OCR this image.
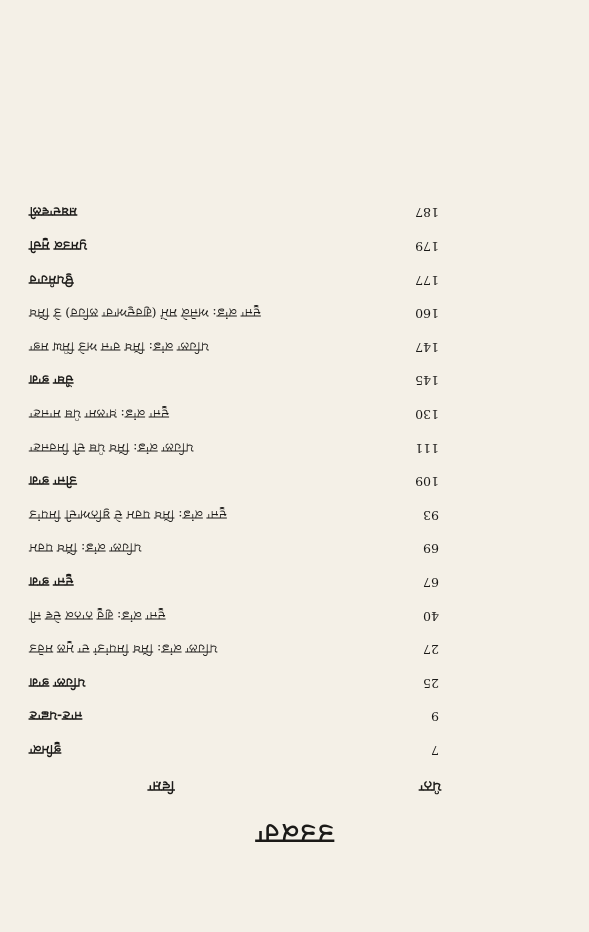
ਤਤਕਰਾ
ਪੰਨਾ
ਵਿਸ਼ਾ
7
ਭੂਮਿਕਾ
9
ਜਾਣ-ਪਛਾਣ
25
ਪਹਿਲਾ ਭਾਗ
27
ਪਹਿਲਾ ਕਾਂਡ: ਸਿੱਖ ਸਿਧਾਂਤਾਂ ਦਾ ਮੂਲ ਸਰੋਤ
40
ਦੂਜਾ ਕਾਂਡ: ਗੁਰੂ ਨਾਨਕ ਦੇਵ ਜੀ
67
ਦੂਜਾ ਭਾਗ
69
ਪਹਿਲਾ ਕਾਂਡ: ਸਿੱਖ ਧਰਮ
93
ਦੂਜਾ ਕਾਂਡ: ਸਿੱਖ ਧਰਮ ਦੇ ਬੁਨਿਆਦੀ ਸਿਧਾਂਤ
109
ਤੀਜਾ ਭਾਗ
111
ਪਹਿਲਾ ਕਾਂਡ: ਸਿੱਖ ਪੰਥ ਦੀ ਸਿਰਜਣਾ
130
ਦੂਜਾ ਕਾਂਡ: ਖ਼ਾਲਸਾ ਪੰਥ ਸਾਜਣਾ
145
ਚੌਥਾ ਭਾਗ
147
ਪਹਿਲਾ ਕਾਂਡ: ਸਿੱਖ ਰਾਜ ਅਤੇ ਸਿੰਘ ਸਭਾ
160
ਦੂਜਾ ਕਾਂਡ: ਅਜੋਕੇ ਸਮੇਂ (ਗੁਰਦੁਆਰਾ ਲਹਿਰ) ਤੇ ਸਿੱਖ
177
ਉਪਸੰਹਾਰ
179
ਪੁਸਤਕ ਸੂਚੀ
187
ਸ਼ਬਦਾਵਲੀ
